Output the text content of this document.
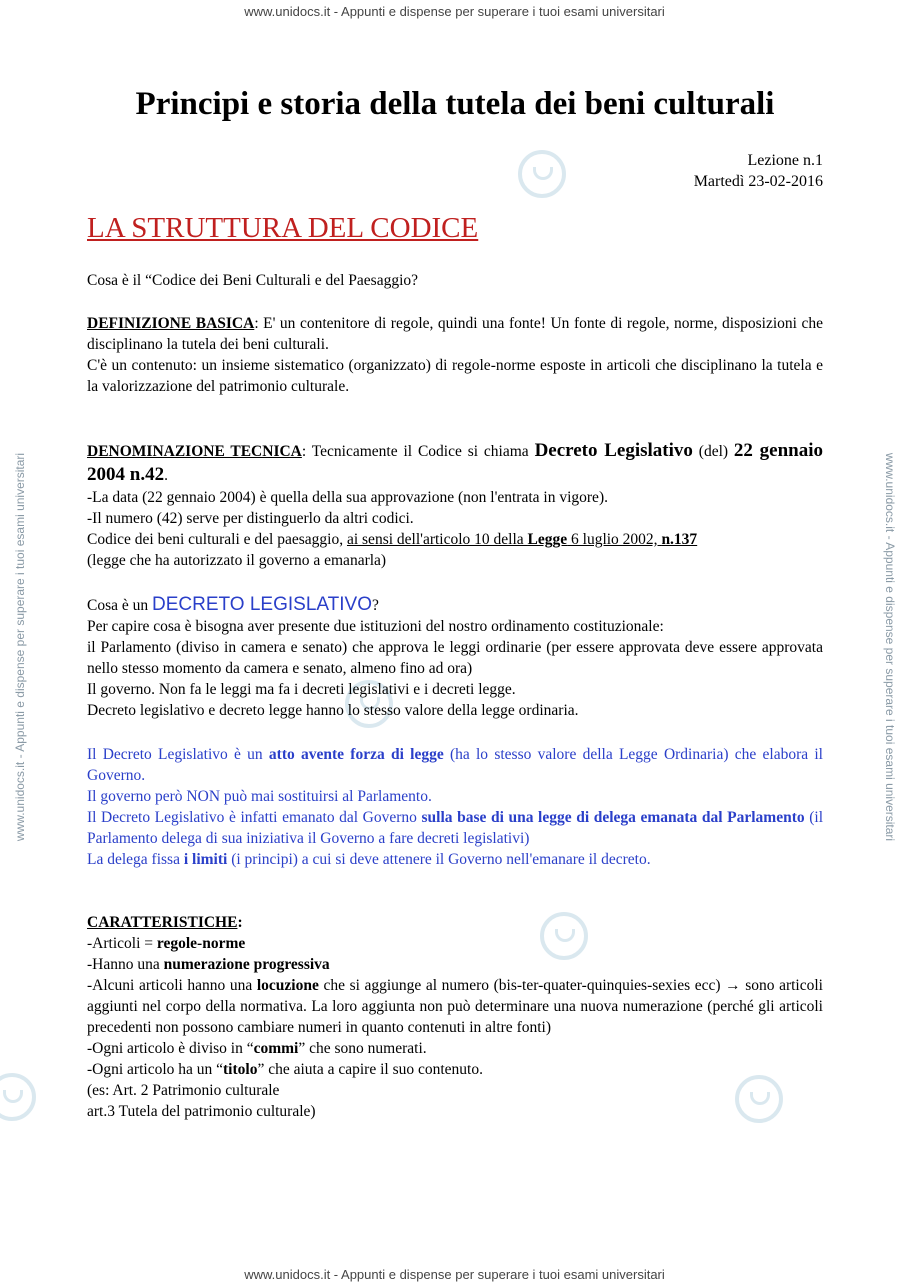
www.unidocs.it - Appunti e dispense per superare i tuoi esami universitari
www.unidocs.it - Appunti e dispense per superare i tuoi esami universitari
www.unidocs.it - Appunti e dispense per superare i tuoi esami universitari	www.unidocs.it - Appunti e dispense per superare i tuoi esami universitari
Principi e storia della tutela dei beni culturali
Lezione n.1
Martedì 23-02-2016
LA STRUTTURA DEL CODICE

Cosa è il “Codice dei Beni Culturali e del Paesaggio?

DEFINIZIONE BASICA: E' un contenitore di regole, quindi una fonte! Un fonte di regole, norme, disposizioni che disciplinano la tutela dei beni culturali.

C'è un contenuto: un insieme sistematico (organizzato) di regole-norme esposte in articoli che disciplinano la tutela e la valorizzazione del patrimonio culturale.

DENOMINAZIONE TECNICA: Tecnicamente il Codice si chiama Decreto Legislativo (del) 22 gennaio 2004 n.42.

-La data (22 gennaio 2004) è quella della sua approvazione (non l'entrata in vigore).

-Il numero (42) serve per distinguerlo da altri codici.

Codice dei beni culturali e del paesaggio, ai sensi dell'articolo 10 della Legge 6 luglio 2002, n.137

(legge che ha autorizzato il governo a emanarla)

Cosa è un DECRETO LEGISLATIVO?

Per capire cosa è bisogna aver presente due istituzioni del nostro ordinamento costituzionale:

il Parlamento (diviso in camera e senato) che approva le leggi ordinarie (per essere approvata deve essere approvata nello stesso momento da camera e senato, almeno fino ad ora)

Il governo. Non fa le leggi ma fa i decreti legislativi e i decreti legge.

Decreto legislativo e decreto legge hanno lo stesso valore della legge ordinaria.

Il Decreto Legislativo è un atto avente forza di legge (ha lo stesso valore della Legge Ordinaria) che elabora il Governo.

Il governo però NON può mai sostituirsi al Parlamento.

Il Decreto Legislativo è infatti emanato dal Governo sulla base di una legge di delega emanata dal Parlamento (il Parlamento delega di sua iniziativa il Governo a fare decreti legislativi)

La delega fissa i limiti (i principi) a cui si deve attenere il Governo nell'emanare il decreto.

CARATTERISTICHE:

-Articoli = regole-norme

-Hanno una numerazione progressiva

-Alcuni articoli hanno una locuzione che si aggiunge al numero (bis-ter-quater-quinquies-sexies ecc) → sono articoli aggiunti nel corpo della normativa. La loro aggiunta non può determinare una nuova numerazione (perché gli articoli precedenti non possono cambiare numeri in quanto contenuti in altre fonti)

-Ogni articolo è diviso in “commi” che sono numerati.

-Ogni articolo ha un “titolo” che aiuta a capire il suo contenuto.

(es: Art. 2 Patrimonio culturale

art.3 Tutela del patrimonio culturale)
